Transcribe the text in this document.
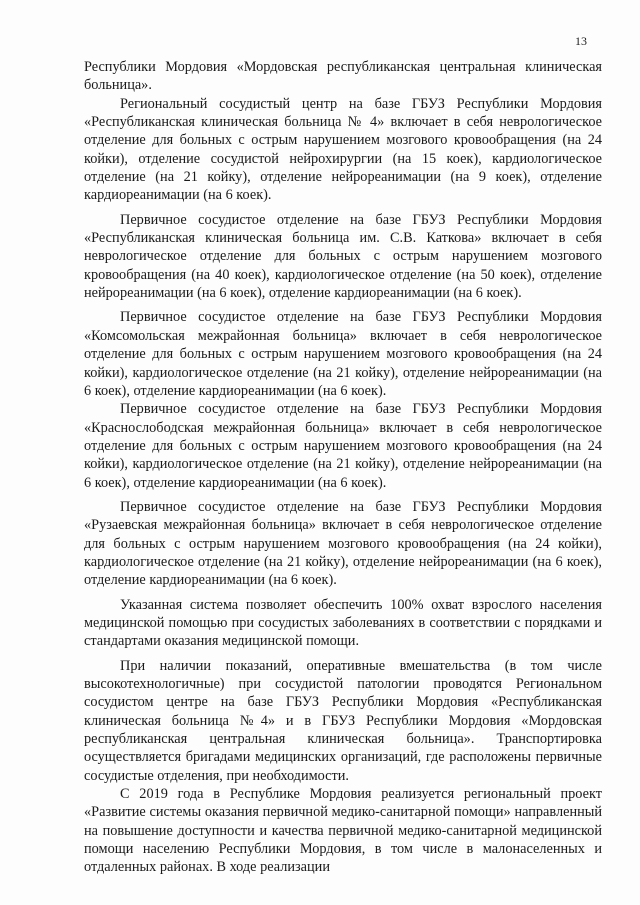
13

Республики Мордовия «Мордовская республиканская центральная клиническая больница».

Региональный сосудистый центр на базе ГБУЗ Республики Мордовия «Республиканская клиническая больница № 4» включает в себя неврологическое отделение для больных с острым нарушением мозгового кровообращения (на 24 койки), отделение сосудистой нейрохирургии (на 15 коек), кардиологическое отделение (на 21 койку), отделение нейрореанимации (на 9 коек), отделение кардиореанимации (на 6 коек).

Первичное сосудистое отделение на базе ГБУЗ Республики Мордовия «Республиканская клиническая больница им. С.В. Каткова» включает в себя неврологическое отделение для больных с острым нарушением мозгового кровообращения (на 40 коек), кардиологическое отделение (на 50 коек), отделение нейрореанимации (на 6 коек), отделение кардиореанимации (на 6 коек).

Первичное сосудистое отделение на базе ГБУЗ Республики Мордовия «Комсомольская межрайонная больница» включает в себя неврологическое отделение для больных с острым нарушением мозгового кровообращения (на 24 койки), кардиологическое отделение (на 21 койку), отделение нейрореанимации (на 6 коек), отделение кардиореанимации (на 6 коек).

Первичное сосудистое отделение на базе ГБУЗ Республики Мордовия «Краснослободская межрайонная больница» включает в себя неврологическое отделение для больных с острым нарушением мозгового кровообращения (на 24 койки), кардиологическое отделение (на 21 койку), отделение нейрореанимации (на 6 коек), отделение кардиореанимации (на 6 коек).

Первичное сосудистое отделение на базе ГБУЗ Республики Мордовия «Рузаевская межрайонная больница» включает в себя неврологическое отделение для больных с острым нарушением мозгового кровообращения (на 24 койки), кардиологическое отделение (на 21 койку), отделение нейрореанимации (на 6 коек), отделение кардиореанимации (на 6 коек).

Указанная система позволяет обеспечить 100% охват взрослого населения медицинской помощью при сосудистых заболеваниях в соответствии с порядками и стандартами оказания медицинской помощи.

При наличии показаний, оперативные вмешательства (в том числе высокотехнологичные) при сосудистой патологии проводятся Региональном сосудистом центре на базе ГБУЗ Республики Мордовия «Республиканская клиническая больница №4» и в ГБУЗ Республики Мордовия «Мордовская республиканская центральная клиническая больница». Транспортировка осуществляется бригадами медицинских организаций, где расположены первичные сосудистые отделения, при необходимости.

С 2019 года в Республике Мордовия реализуется региональный проект «Развитие системы оказания первичной медико-санитарной помощи» направленный на повышение доступности и качества первичной медико-санитарной медицинской помощи населению Республики Мордовия, в том числе в малонаселенных и отдаленных районах. В ходе реализации
